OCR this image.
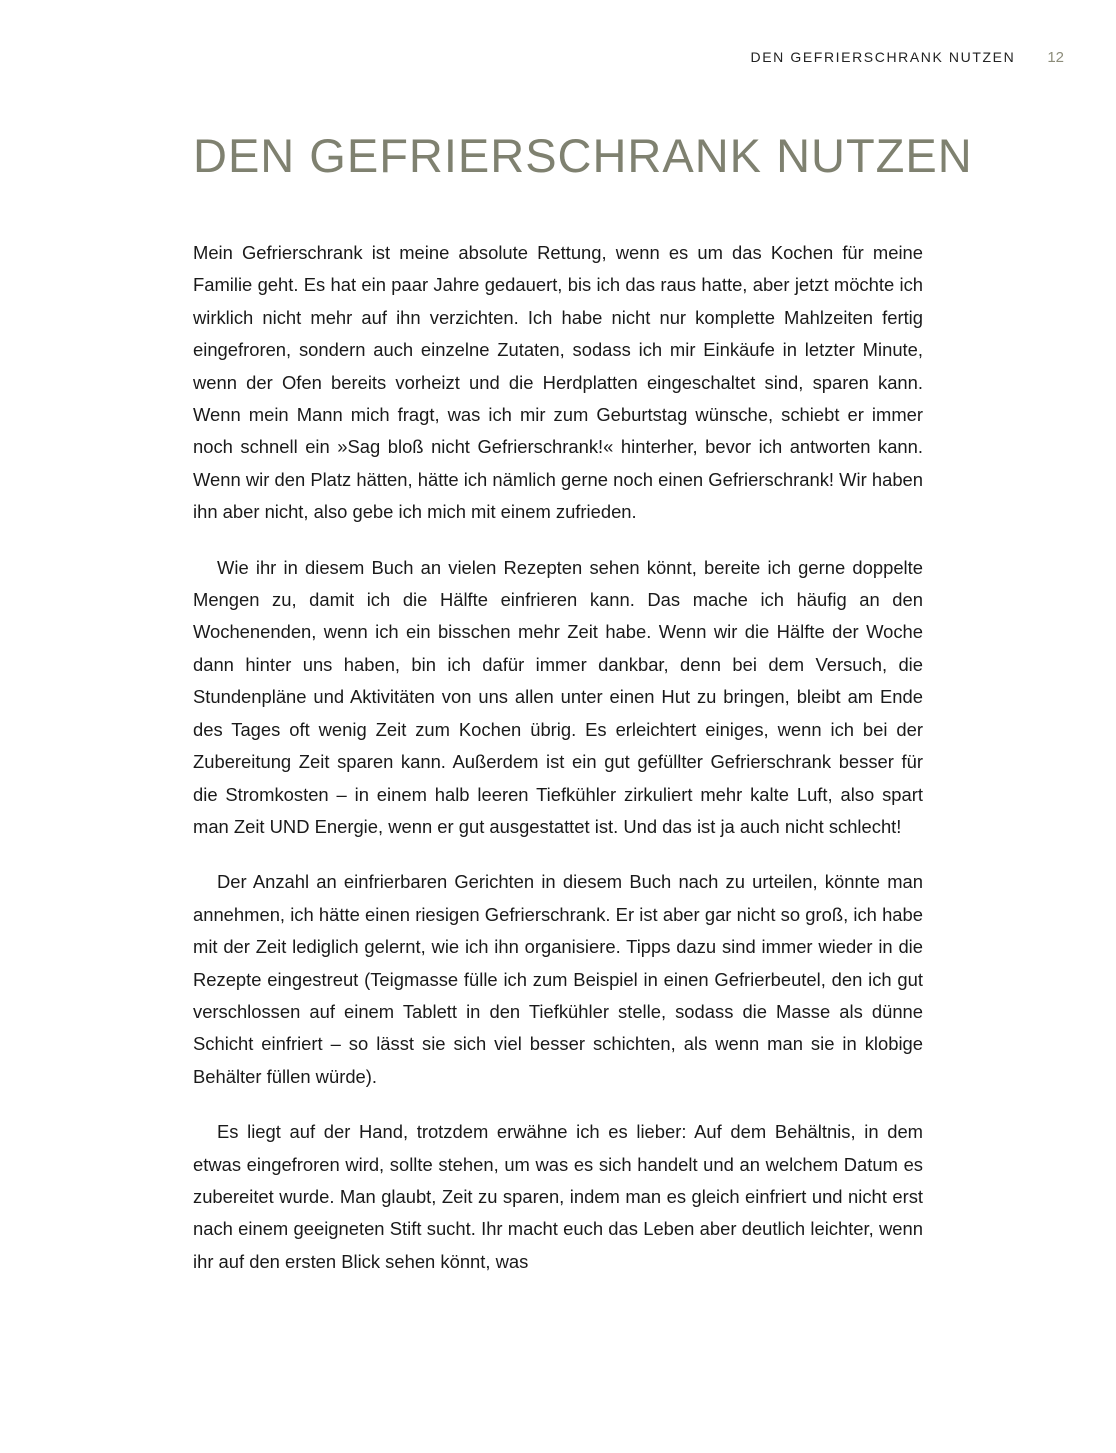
DEN GEFRIERSCHRANK NUTZEN 12
DEN GEFRIERSCHRANK NUTZEN

Mein Gefrierschrank ist meine absolute Rettung, wenn es um das Kochen für meine Familie geht. Es hat ein paar Jahre gedauert, bis ich das raus hatte, aber jetzt möchte ich wirklich nicht mehr auf ihn verzichten. Ich habe nicht nur komplette Mahlzeiten fertig eingefroren, sondern auch einzelne Zutaten, sodass ich mir Einkäufe in letzter Minute, wenn der Ofen bereits vorheizt und die Herdplatten eingeschaltet sind, sparen kann. Wenn mein Mann mich fragt, was ich mir zum Geburtstag wünsche, schiebt er immer noch schnell ein »Sag bloß nicht Gefrierschrank!« hinterher, bevor ich antworten kann. Wenn wir den Platz hätten, hätte ich nämlich gerne noch einen Gefrierschrank! Wir haben ihn aber nicht, also gebe ich mich mit einem zufrieden.

Wie ihr in diesem Buch an vielen Rezepten sehen könnt, bereite ich gerne doppelte Mengen zu, damit ich die Hälfte einfrieren kann. Das mache ich häufig an den Wochenenden, wenn ich ein bisschen mehr Zeit habe. Wenn wir die Hälfte der Woche dann hinter uns haben, bin ich dafür immer dankbar, denn bei dem Versuch, die Stundenpläne und Aktivitäten von uns allen unter einen Hut zu bringen, bleibt am Ende des Tages oft wenig Zeit zum Kochen übrig. Es erleichtert einiges, wenn ich bei der Zubereitung Zeit sparen kann. Außerdem ist ein gut gefüllter Gefrierschrank besser für die Stromkosten – in einem halb leeren Tiefkühler zirkuliert mehr kalte Luft, also spart man Zeit UND Energie, wenn er gut ausgestattet ist. Und das ist ja auch nicht schlecht!

Der Anzahl an einfrierbaren Gerichten in diesem Buch nach zu urteilen, könnte man annehmen, ich hätte einen riesigen Gefrierschrank. Er ist aber gar nicht so groß, ich habe mit der Zeit lediglich gelernt, wie ich ihn organisiere. Tipps dazu sind immer wieder in die Rezepte eingestreut (Teigmasse fülle ich zum Beispiel in einen Gefrierbeutel, den ich gut verschlossen auf einem Tablett in den Tiefkühler stelle, sodass die Masse als dünne Schicht einfriert – so lässt sie sich viel besser schichten, als wenn man sie in klobige Behälter füllen würde).

Es liegt auf der Hand, trotzdem erwähne ich es lieber: Auf dem Behältnis, in dem etwas eingefroren wird, sollte stehen, um was es sich handelt und an welchem Datum es zubereitet wurde. Man glaubt, Zeit zu sparen, indem man es gleich einfriert und nicht erst nach einem geeigneten Stift sucht. Ihr macht euch das Leben aber deutlich leichter, wenn ihr auf den ersten Blick sehen könnt, was
